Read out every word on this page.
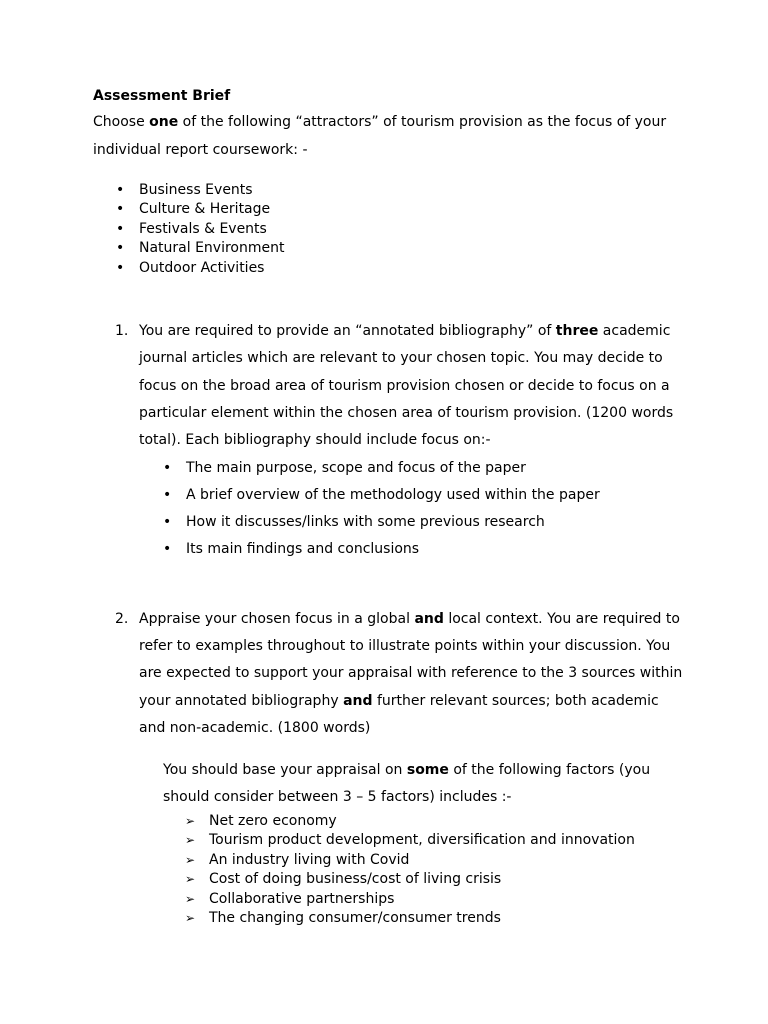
Assessment Brief

Choose one of the following “attractors” of tourism provision as the focus of your individual report coursework: -

• Business Events
• Culture & Heritage
• Festivals & Events
• Natural Environment
• Outdoor Activities
1. You are required to provide an “annotated bibliography” of three academic journal articles which are relevant to your chosen topic. You may decide to focus on the broad area of tourism provision chosen or decide to focus on a particular element within the chosen area of tourism provision. (1200 words total). Each bibliography should include focus on:-
• The main purpose, scope and focus of the paper
• A brief overview of the methodology used within the paper
• How it discusses/links with some previous research
• Its main findings and conclusions
2. Appraise your chosen focus in a global and local context. You are required to refer to examples throughout to illustrate points within your discussion. You are expected to support your appraisal with reference to the 3 sources within your annotated bibliography and further relevant sources; both academic and non-academic. (1800 words)

You should base your appraisal on some of the following factors (you should consider between 3 – 5 factors) includes :-

➢ Net zero economy
➢ Tourism product development, diversification and innovation
➢ An industry living with Covid
➢ Cost of doing business/cost of living crisis
➢ Collaborative partnerships
➢ The changing consumer/consumer trends
